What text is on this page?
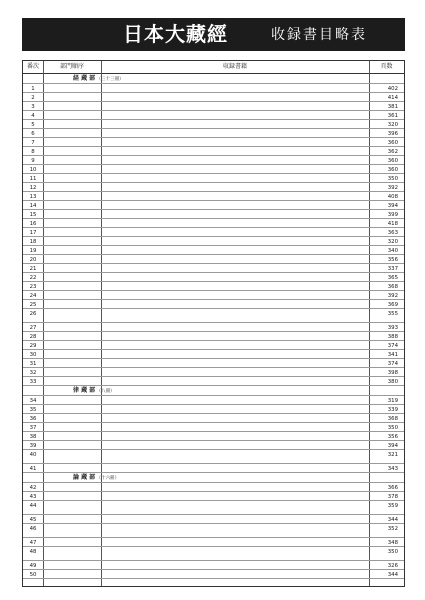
日本大藏經	收録書目略表
番次	部門順序	収録書籍	頁数
経 蔵 部 （三十三冊）
1	402
2	414
3	381
4	361
5	320
6	396
7	360
8	362
9	360
10	360
11	350
12	392
13	408
14	394
15	399
16	418
17	363
18	320
19	340
20	356
21	337
22	365
23	368
24	392
25	369
26	355
27	393
28	388
29	374
30	341
31	374
32	398
33	380
律 蔵 部 （八冊）
34	319
35	339
36	368
37	350
38	356
39	394
40	321
41	343
論 蔵 部 （十六冊）
42	366
43	378
44	359
45	344
46	352
47	348
48	350
49	326
50	344
